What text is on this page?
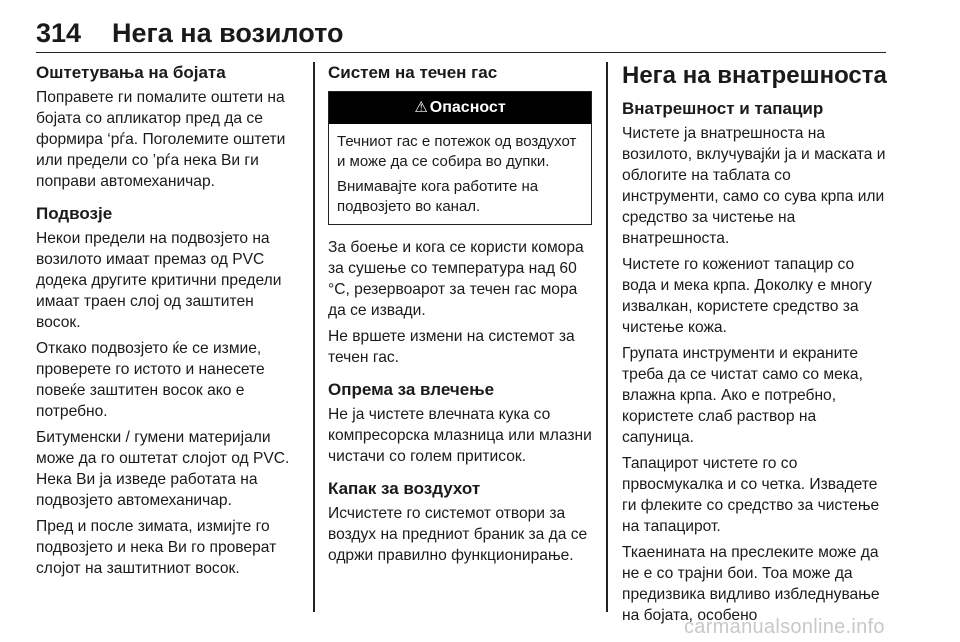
314	Нега на возилото
Оштетувања на бојата

Поправете ги помалите оштети на бојата со апликатор пред да се формира ‘рѓа. Поголемите оштети или предели со ’рѓа нека Ви ги поправи автомеханичар.

Подвозје

Некои предели на подвозјето на возилото имаат премаз од PVC додека другите критични предели имаат траен слој од заштитен восок.

Откако подвозјето ќе се измие, проверете го истото и нанесете повеќе заштитен восок ако е потребно.

Битуменски / гумени материјали може да го оштетат слојот од PVC. Нека Ви ја изведе работата на подвозјето автомеханичар.

Пред и после зимата, измијте го подвозјето и нека Ви го проверат слојот на заштитниот восок.

Систем на течен гас
⚠ Опасност

Течниот гас е потежок од воздухот и може да се собира во дупки.

Внимавајте кога работите на подвозјето во канал.

За боење и кога се користи комора за сушење со температура над 60 °C, резервоарот за течен гас мора да се извади.

Не вршете измени на системот за течен гас.

Опрема за влечење

Не ја чистете влечната кука со компресорска млазница или млазни чистачи со голем притисок.

Капак за воздухот

Исчистете го системот отвори за воздух на предниот браник за да се одржи правилно функционирање.

Нега на внатрешноста
Внатрешност и тапацир

Чистете ја внатрешноста на возилото, вклучувајќи ја и маската и облогите на таблата со инструменти, само со сува крпа или средство за чистење на внатрешноста.

Чистете го кожениот тапацир со вода и мека крпа. Доколку е многу извалкан, користете средство за чистење кожа.

Групата инструменти и екраните треба да се чистат само со мека, влажна крпа. Ако е потребно, користете слаб раствор на сапуница.

Тапацирот чистете го со првосмукалка и со четка. Извадете ги флеките со средство за чистење на тапацирот.

Ткаенината на преслеките може да не е со трајни бои. Тоа може да предизвика видливо избледнување на бојата, особено

carmanualsonline.info
